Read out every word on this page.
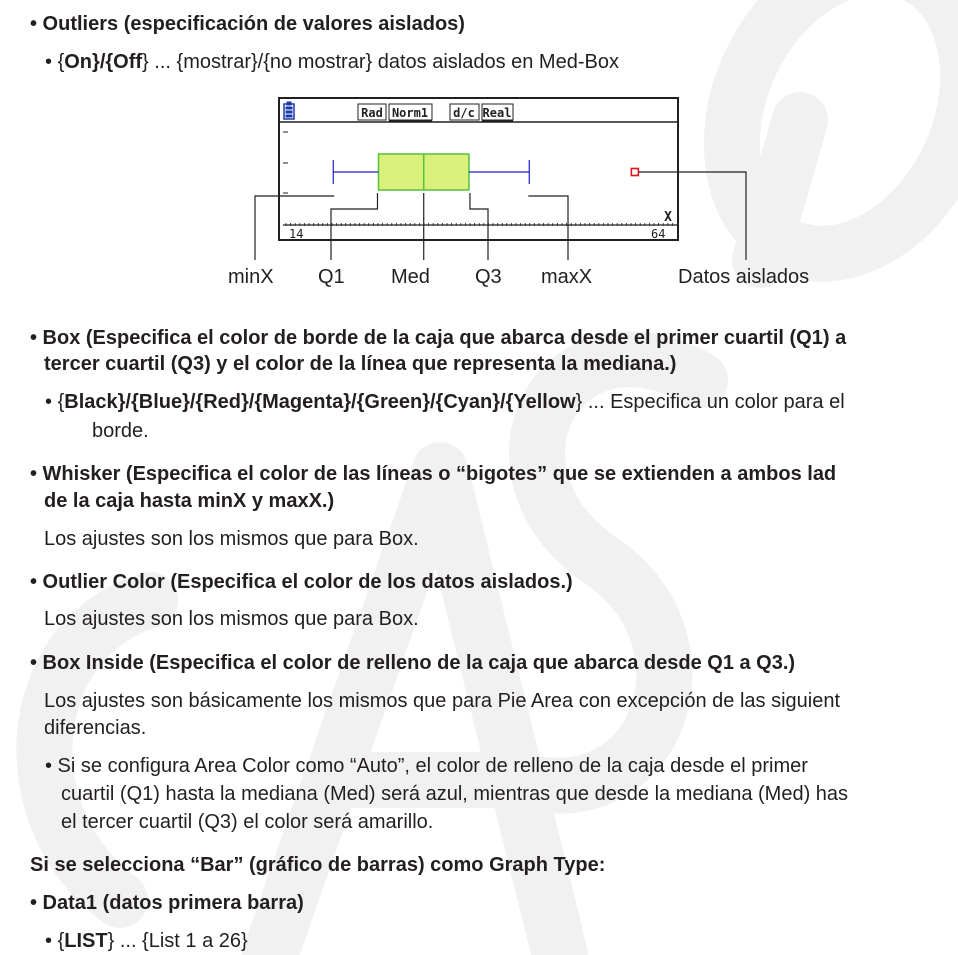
• Outliers (especificación de valores aislados)
• {On}/{Off} ... {mostrar}/{no mostrar} datos aislados en Med-Box
Rad Norm1 d/c Real
14	64
X
minX Q1 Med Q3 maxX	Datos aislados
• Box (Especifica el color de borde de la caja que abarca desde el primer cuartil (Q1) a
tercer cuartil (Q3) y el color de la línea que representa la mediana.)
• {Black}/{Blue}/{Red}/{Magenta}/{Green}/{Cyan}/{Yellow} ... Especifica un color para el
borde.
• Whisker (Especifica el color de las líneas o “bigotes” que se extienden a ambos lad
de la caja hasta minX y maxX.)
Los ajustes son los mismos que para Box.
• Outlier Color (Especifica el color de los datos aislados.)
Los ajustes son los mismos que para Box.
• Box Inside (Especifica el color de relleno de la caja que abarca desde Q1 a Q3.)
Los ajustes son básicamente los mismos que para Pie Area con excepción de las siguient
diferencias.
• Si se configura Area Color como “Auto”, el color de relleno de la caja desde el primer
cuartil (Q1) hasta la mediana (Med) será azul, mientras que desde la mediana (Med) has
el tercer cuartil (Q3) el color será amarillo.
Si se selecciona “Bar” (gráfico de barras) como Graph Type:
• Data1 (datos primera barra)
• {LIST} ... {List 1 a 26}
